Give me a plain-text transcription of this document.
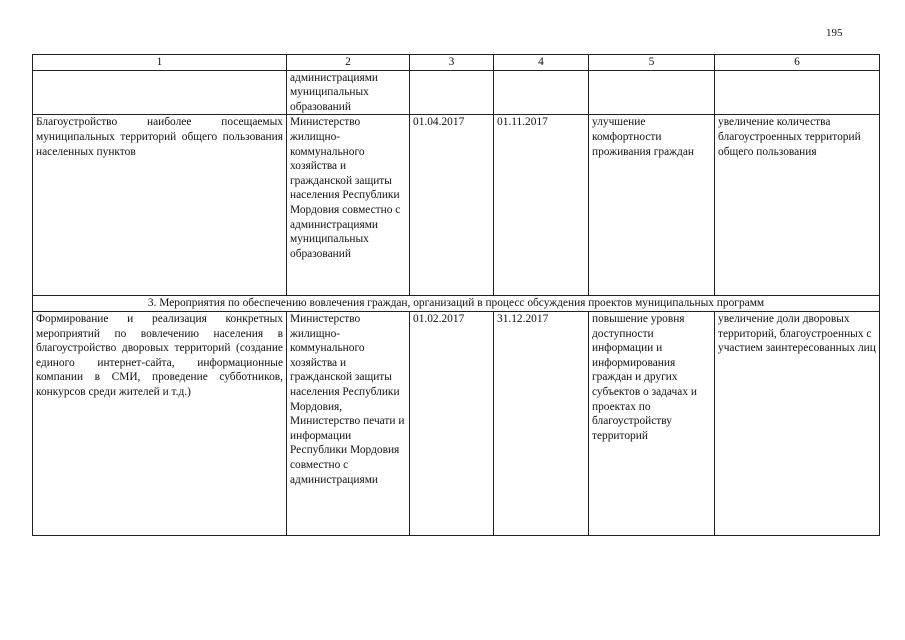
195
1	2	3	4	5	6
	администрациями муниципальных образований				
Благоустройство наиболее посещаемых муниципальных территорий общего пользования населенных пунктов	Министерство жилищно-коммунального хозяйства и гражданской защиты населения Республики Мордовия совместно с администрациями муниципальных образований	01.04.2017	01.11.2017	улучшение комфортности проживания граждан	увеличение количества благоустроенных территорий общего пользования
3. Мероприятия по обеспечению вовлечения граждан, организаций в процесс обсуждения проектов муниципальных программ					
Формирование и реализация конкретных мероприятий по вовлечению населения в благоустройство дворовых территорий (создание единого интернет-сайта, информационные компании в СМИ, проведение субботников, конкурсов среди жителей и т.д.)	Министерство жилищно-коммунального хозяйства и гражданской защиты населения Республики Мордовия, Министерство печати и информации Республики Мордовия совместно с администрациями	01.02.2017	31.12.2017	повышение уровня доступности информации и информирования граждан и других субъектов о задачах и проектах по благоустройству территорий	увеличение доли дворовых территорий, благоустроенных с участием заинтересованных лиц
